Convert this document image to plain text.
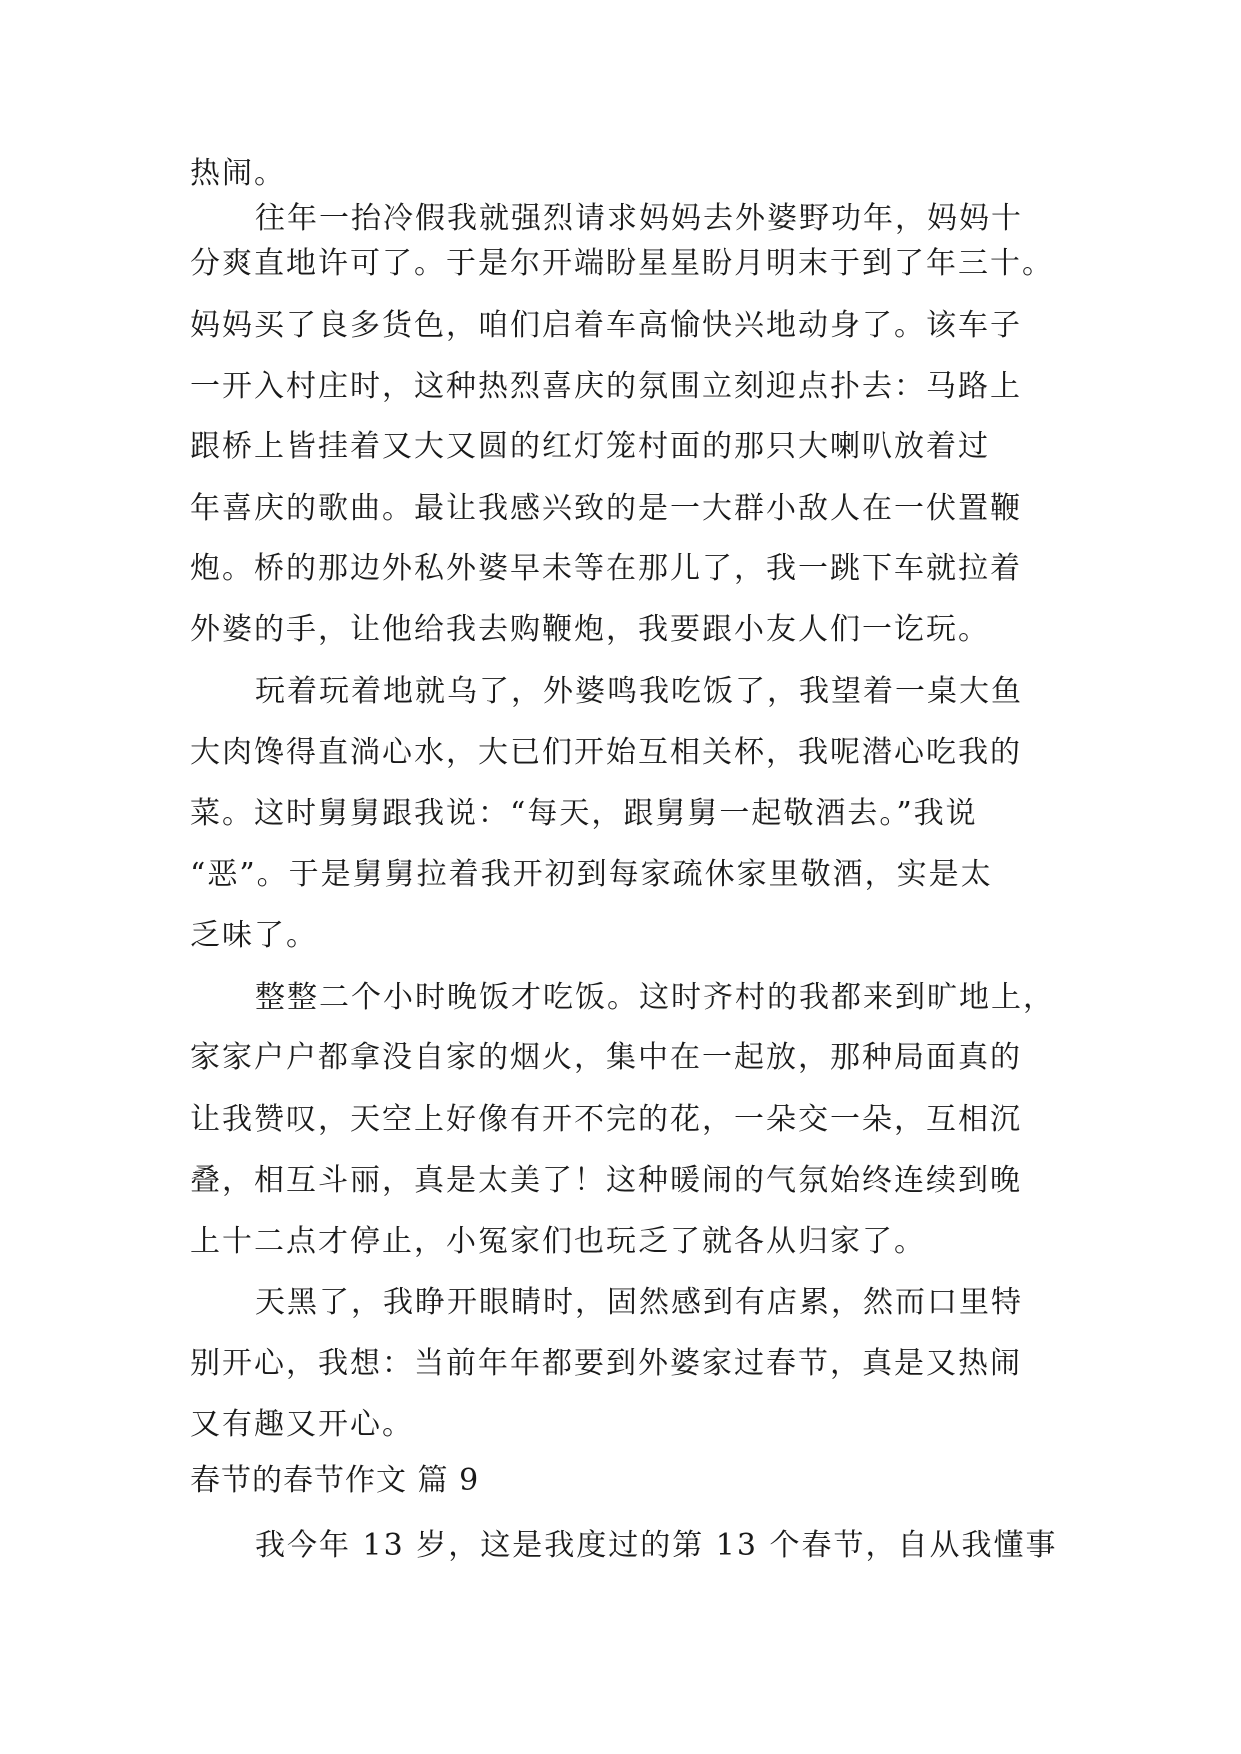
热闹。
往年一抬冷假我就强烈请求妈妈去外婆野功年，妈妈十
分爽直地许可了。于是尔开端盼星星盼月明末于到了年三十。
妈妈买了良多货色，咱们启着车高愉快兴地动身了。该车子
一开入村庄时，这种热烈喜庆的氛围立刻迎点扑去：马路上
跟桥上皆挂着又大又圆的红灯笼村面的那只大喇叭放着过
年喜庆的歌曲。最让我感兴致的是一大群小敌人在一伏置鞭
炮。桥的那边外私外婆早未等在那儿了，我一跳下车就拉着
外婆的手，让他给我去购鞭炮，我要跟小友人们一讫玩。
玩着玩着地就乌了，外婆鸣我吃饭了，我望着一桌大鱼
大肉馋得直淌心水，大已们开始互相关杯，我呢潜心吃我的
菜。这时舅舅跟我说：“每天，跟舅舅一起敬酒去。”我说
“恶”。于是舅舅拉着我开初到每家疏休家里敬酒，实是太
乏味了。
整整二个小时晚饭才吃饭。这时齐村的我都来到旷地上，
家家户户都拿没自家的烟火，集中在一起放，那种局面真的
让我赞叹，天空上好像有开不完的花，一朵交一朵，互相沉
叠，相互斗丽，真是太美了！这种暖闹的气氛始终连续到晚
上十二点才停止，小冤家们也玩乏了就各从归家了。
天黑了，我睁开眼睛时，固然感到有店累，然而口里特
别开心，我想：当前年年都要到外婆家过春节，真是又热闹
又有趣又开心。
春节的春节作文 篇 9
我今年 13 岁，这是我度过的第 13 个春节，自从我懂事
